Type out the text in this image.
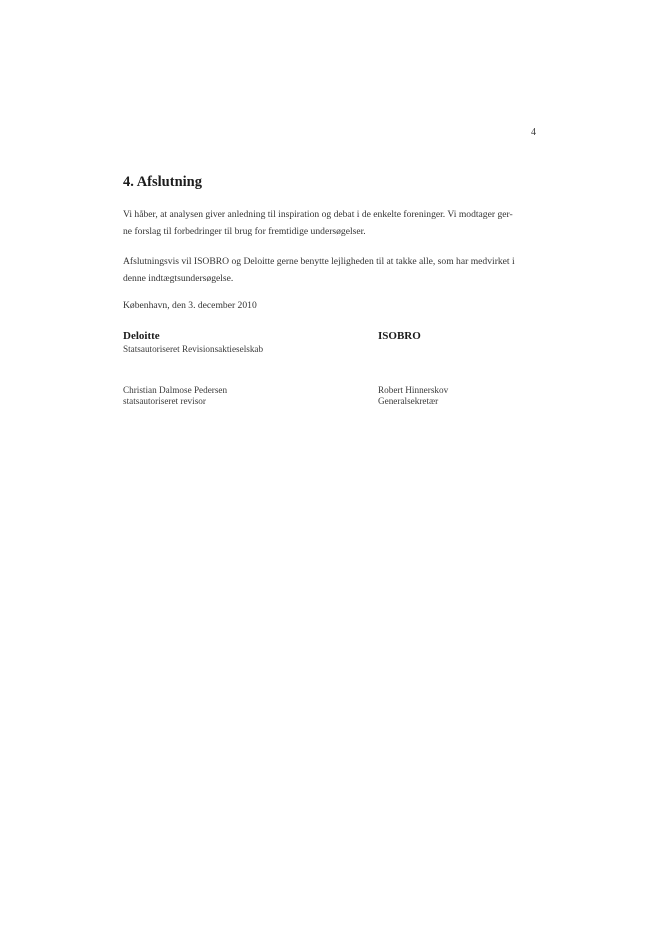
4
4. Afslutning

Vi håber, at analysen giver anledning til inspiration og debat i de enkelte foreninger. Vi modtager ger-
ne forslag til forbedringer til brug for fremtidige undersøgelser.

Afslutningsvis vil ISOBRO og Deloitte gerne benytte lejligheden til at takke alle, som har medvirket i
denne indtægtsundersøgelse.

København, den 3. december 2010

Deloitte
Statsautoriseret Revisionsaktieselskab
ISOBRO
Christian Dalmose Pedersen
statsautoriseret revisor
Robert Hinnerskov
Generalsekretær
